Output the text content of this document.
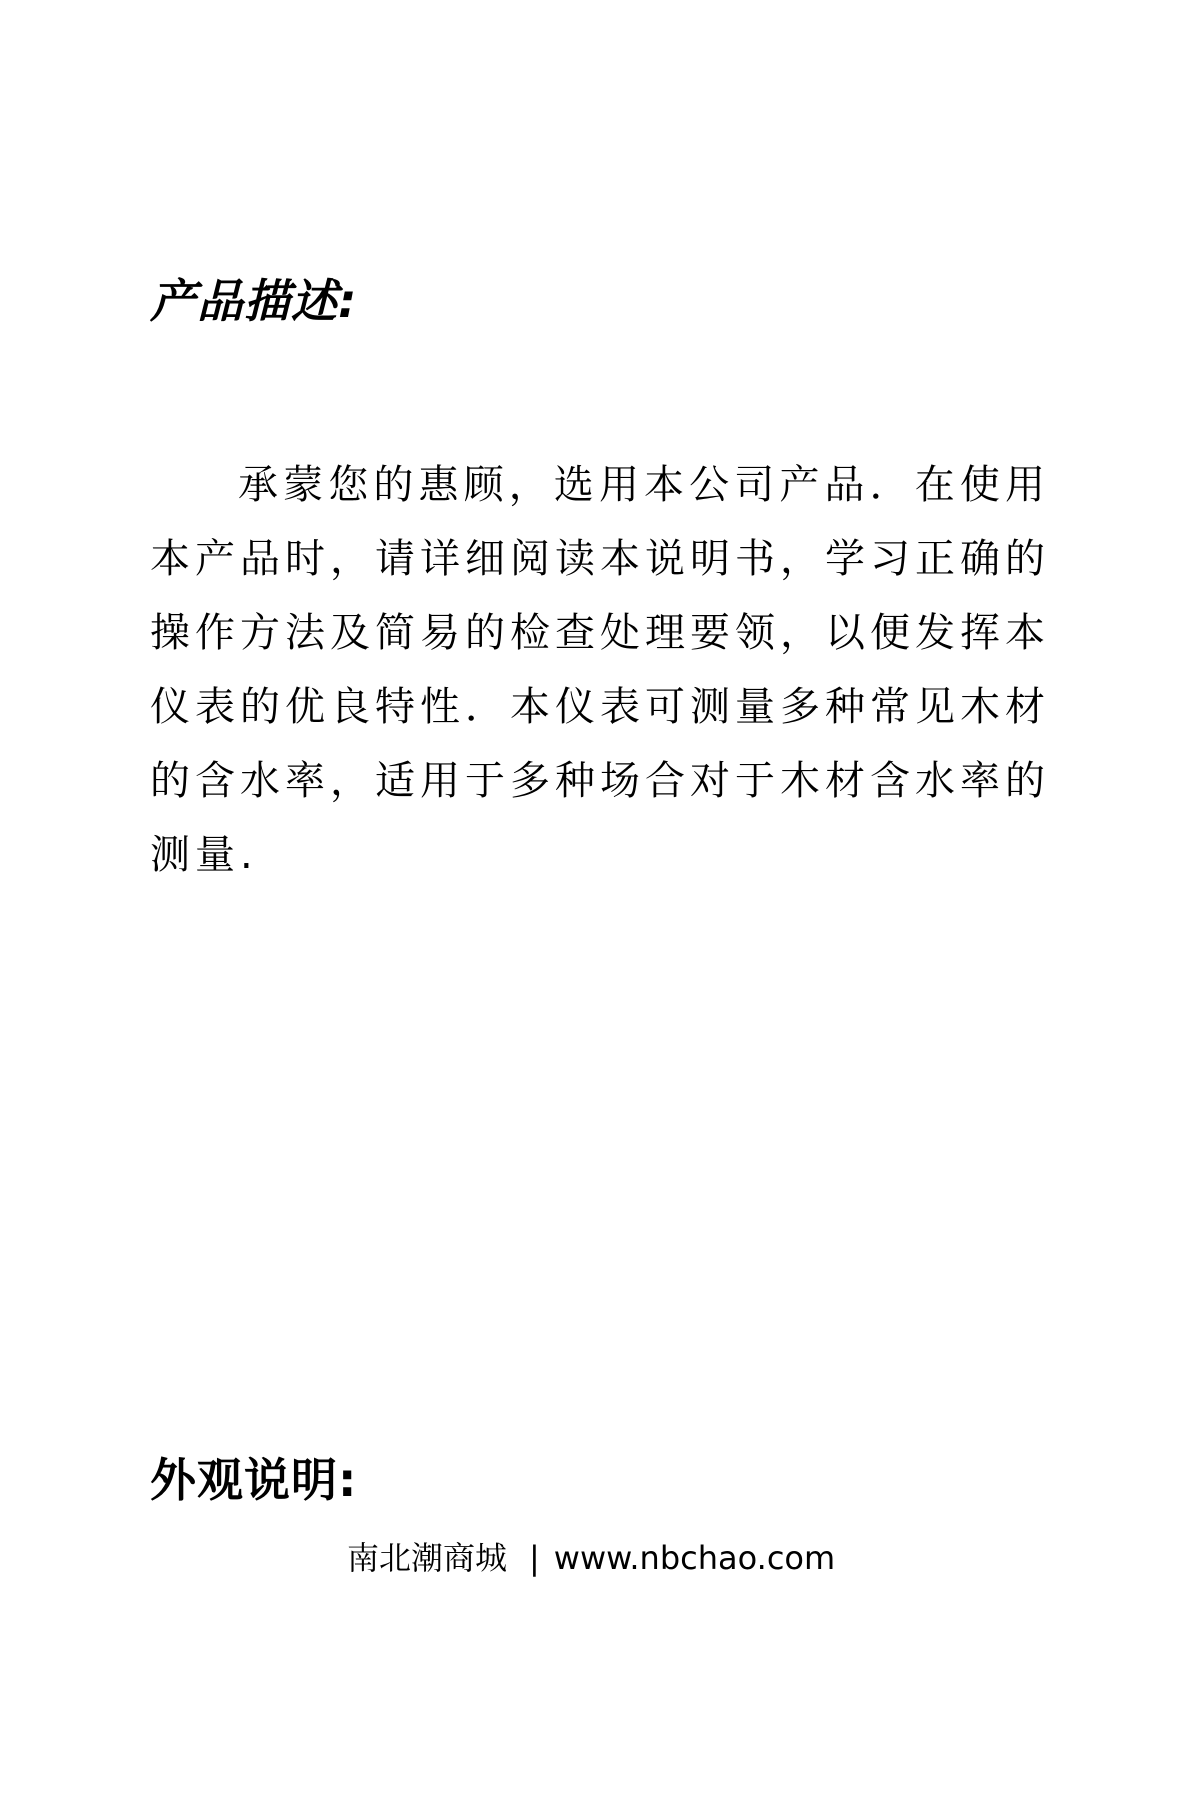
产品描述:

承蒙您的惠顾，选用本公司产品．在使用本产品时，请详细阅读本说明书，学习正确的操作方法及简易的检查处理要领，以便发挥本仪表的优良特性．本仪表可测量多种常见木材的含水率，适用于多种场合对于木材含水率的测量.

外观说明:
南北潮商城 | www.nbchao.com
